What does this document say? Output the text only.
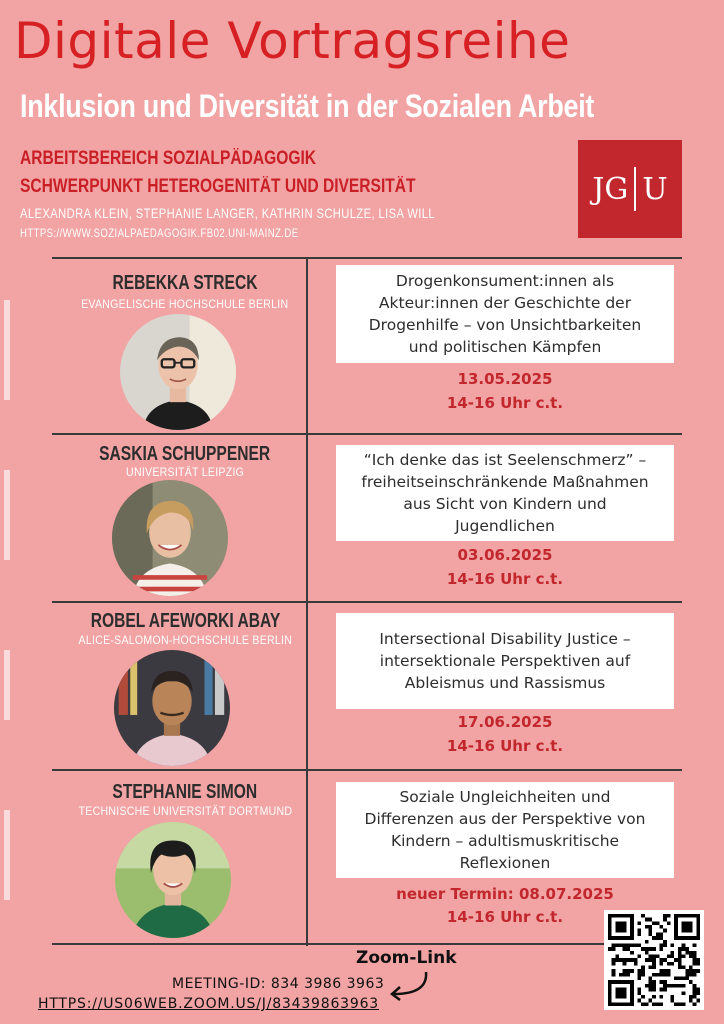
Digitale Vortragsreihe
Inklusion und Diversität in der Sozialen Arbeit
ARBEITSBEREICH SOZIALPÄDAGOGIK
SCHWERPUNKT HETEROGENITÄT UND DIVERSITÄT
ALEXANDRA KLEIN, STEPHANIE LANGER, KATHRIN SCHULZE, LISA WILL
HTTPS://WWW.SOZIALPAEDAGOGIK.FB02.UNI-MAINZ.DE
JG U
REBEKKA STRECK
EVANGELISCHE HOCHSCHULE BERLIN
Drogenkonsument:innen als
Akteur:innen der Geschichte der
Drogenhilfe – von Unsichtbarkeiten
und politischen Kämpfen
13.05.2025
14-16 Uhr c.t.
SASKIA SCHUPPENER
UNIVERSITÄT LEIPZIG
“Ich denke das ist Seelenschmerz” –
freiheitseinschränkende Maßnahmen
aus Sicht von Kindern und
Jugendlichen
03.06.2025
14-16 Uhr c.t.
ROBEL AFEWORKI ABAY
ALICE-SALOMON-HOCHSCHULE BERLIN	Intersectional Disability Justice –
intersektionale Perspektiven auf
Ableismus und Rassismus
17.06.2025
14-16 Uhr c.t.
STEPHANIE SIMON
TECHNISCHE UNIVERSITÄT DORTMUND
Soziale Ungleichheiten und
Differenzen aus der Perspektive von
Kindern – adultismuskritische
Reflexionen
neuer Termin: 08.07.2025
14-16 Uhr c.t.
Zoom-Link
MEETING-ID: 834 3986 3963
HTTPS://US06WEB.ZOOM.US/J/83439863963
